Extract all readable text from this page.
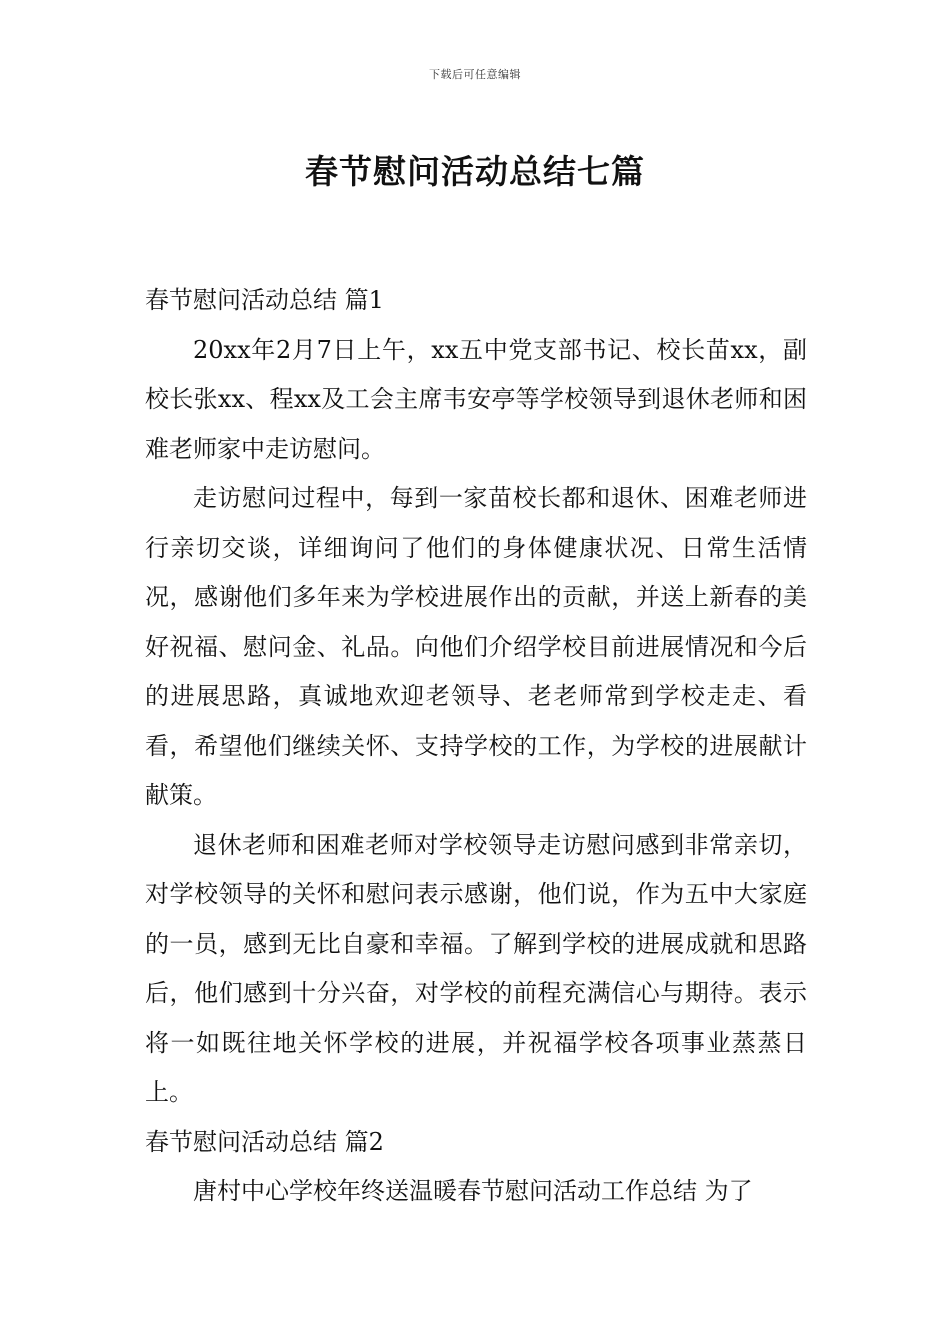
下载后可任意编辑
春节慰问活动总结七篇
春节慰问活动总结 篇1

20xx年2月7日上午，xx五中党支部书记、校长苗xx，副校长张xx、程xx及工会主席韦安亭等学校领导到退休老师和困难老师家中走访慰问。

走访慰问过程中，每到一家苗校长都和退休、困难老师进行亲切交谈，详细询问了他们的身体健康状况、日常生活情况，感谢他们多年来为学校进展作出的贡献，并送上新春的美好祝福、慰问金、礼品。向他们介绍学校目前进展情况和今后的进展思路，真诚地欢迎老领导、老老师常到学校走走、看看，希望他们继续关怀、支持学校的工作，为学校的进展献计献策。

退休老师和困难老师对学校领导走访慰问感到非常亲切，对学校领导的关怀和慰问表示感谢，他们说，作为五中大家庭的一员，感到无比自豪和幸福。了解到学校的进展成就和思路后，他们感到十分兴奋，对学校的前程充满信心与期待。表示将一如既往地关怀学校的进展，并祝福学校各项事业蒸蒸日上。

春节慰问活动总结 篇2

唐村中心学校年终送温暖春节慰问活动工作总结 为了
